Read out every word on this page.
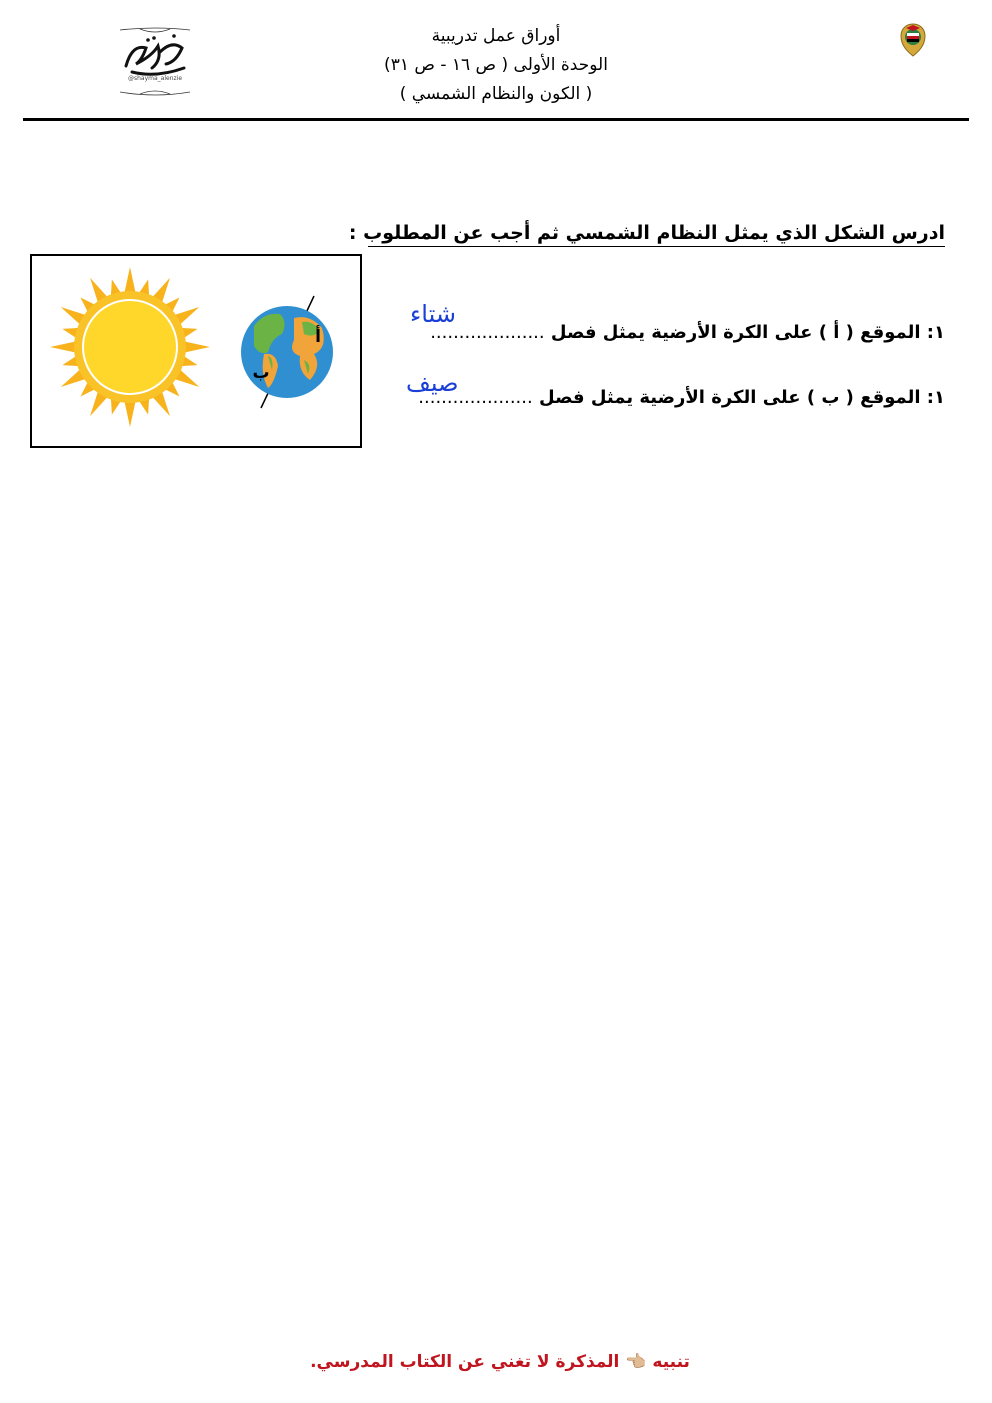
أوراق عمل تدريبية
الوحدة الأولى ( ص ١٦ - ص ٣١)
( الكون والنظام الشمسي )
@shayma_alenzie
ادرس الشكل الذي يمثل النظام الشمسي ثم أجب عن المطلوب :
أ
ب
شتاء
١: الموقع ( أ ) على الكرة الأرضية يمثل فصل ....................
صيف
١: الموقع ( ب ) على الكرة الأرضية يمثل فصل ....................
تنبيه 👈🏼 المذكرة لا تغني عن الكتاب المدرسي.
